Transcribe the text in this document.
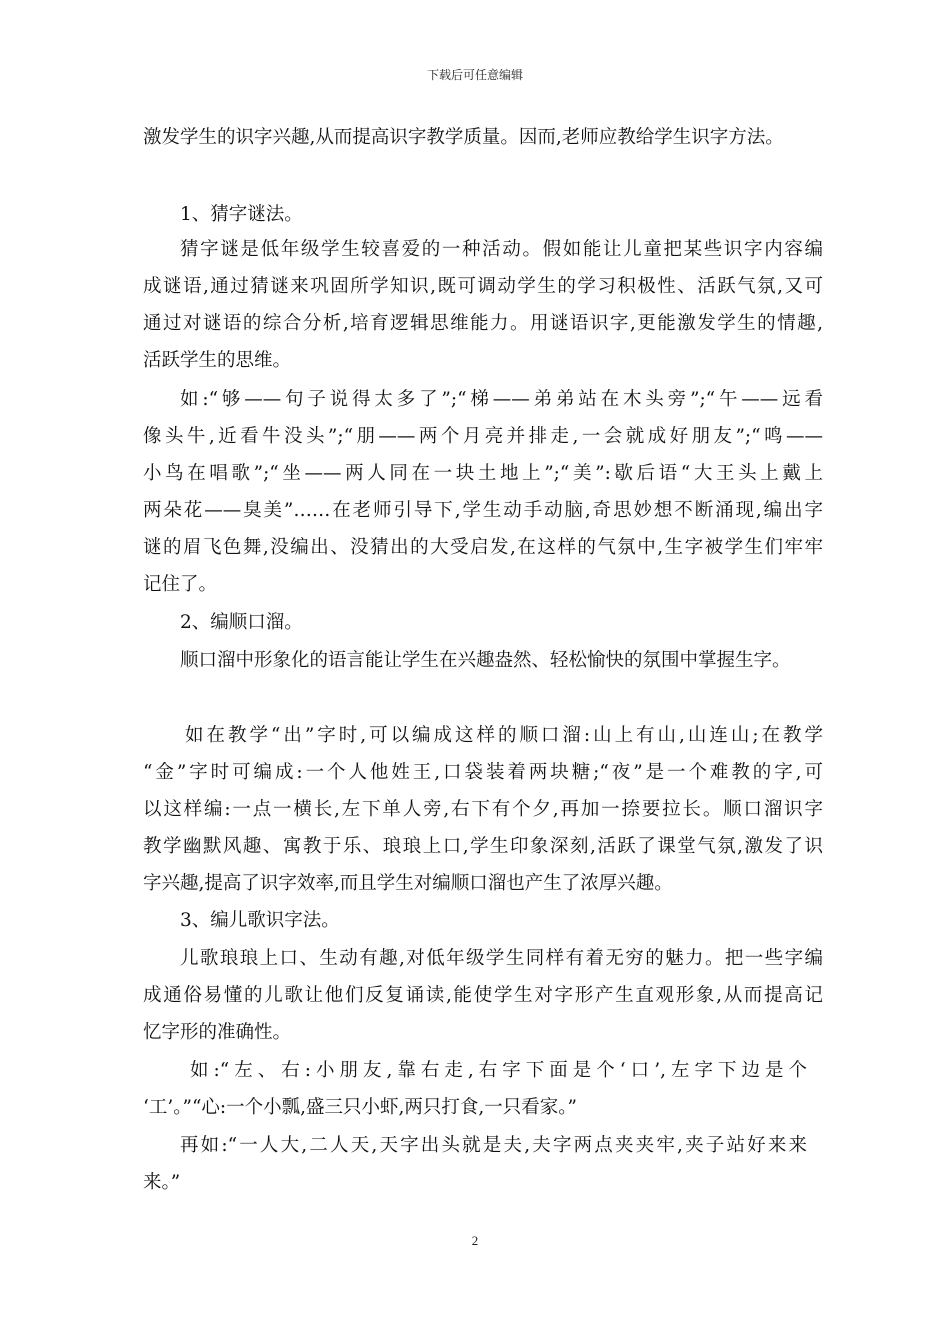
下载后可任意编辑
激发学生的识字兴趣,从而提高识字教学质量。因而,老师应教给学生识字方法。
1、猜字谜法。
猜字谜是低年级学生较喜爱的一种活动。假如能让儿童把某些识字内容编
成谜语,通过猜谜来巩固所学知识,既可调动学生的学习积极性、活跃气氛,又可
通过对谜语的综合分析,培育逻辑思维能力。用谜语识字,更能激发学生的情趣,
活跃学生的思维。
如:“够——句子说得太多了”;“梯——弟弟站在木头旁”;“午——远看
像头牛,近看牛没头”;“朋——两个月亮并排走,一会就成好朋友”;“鸣——
小鸟在唱歌”;“坐——两人同在一块土地上”;“美”:歇后语“大王头上戴上
两朵花——臭美”……在老师引导下,学生动手动脑,奇思妙想不断涌现,编出字
谜的眉飞色舞,没编出、没猜出的大受启发,在这样的气氛中,生字被学生们牢牢
记住了。
2、编顺口溜。
顺口溜中形象化的语言能让学生在兴趣盎然、轻松愉快的氛围中掌握生字。
如在教学“出”字时,可以编成这样的顺口溜:山上有山,山连山;在教学
“金”字时可编成:一个人他姓王,口袋装着两块糖;“夜”是一个难教的字,可
以这样编:一点一横长,左下单人旁,右下有个夕,再加一捺要拉长。顺口溜识字
教学幽默风趣、寓教于乐、琅琅上口,学生印象深刻,活跃了课堂气氛,激发了识
字兴趣,提高了识字效率,而且学生对编顺口溜也产生了浓厚兴趣。
3、编儿歌识字法。
儿歌琅琅上口、生动有趣,对低年级学生同样有着无穷的魅力。把一些字编
成通俗易懂的儿歌让他们反复诵读,能使学生对字形产生直观形象,从而提高记
忆字形的准确性。
如:“左、右:小朋友,靠右走,右字下面是个‘口’,左字下边是个
‘工’。”“心:一个小瓢,盛三只小虾,两只打食,一只看家。”
再如:“一人大,二人天,天字出头就是夫,夫字两点夹夹牢,夹子站好来来
来。”
2
